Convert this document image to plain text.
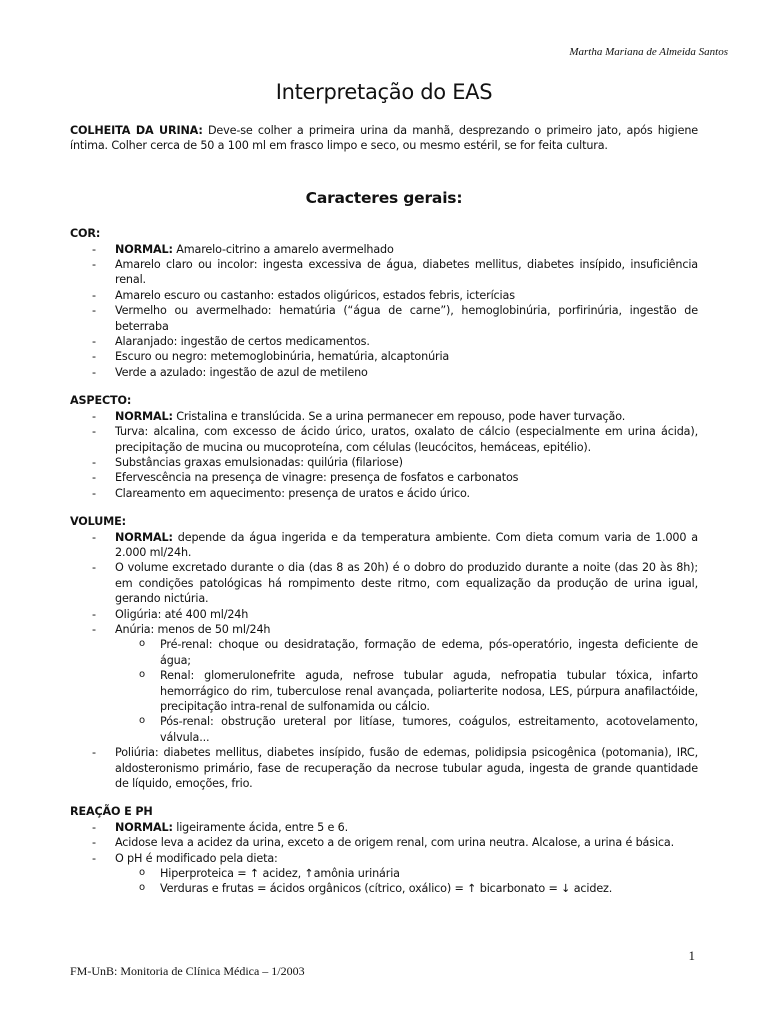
Martha Mariana de Almeida Santos
Interpretação do EAS

COLHEITA DA URINA: Deve-se colher a primeira urina da manhã, desprezando o primeiro jato, após higiene íntima. Colher cerca de 50 a 100 ml em frasco limpo e seco, ou mesmo estéril, se for feita cultura.

Caracteres gerais:
COR:
- NORMAL: Amarelo-citrino a amarelo avermelhado
- Amarelo claro ou incolor: ingesta excessiva de água, diabetes mellitus, diabetes insípido, insuficiência renal.
- Amarelo escuro ou castanho: estados oligúricos, estados febris, icterícias
- Vermelho ou avermelhado: hematúria (“água de carne”), hemoglobinúria, porfirinúria, ingestão de beterraba
- Alaranjado: ingestão de certos medicamentos.
- Escuro ou negro: metemoglobinúria, hematúria, alcaptonúria
- Verde a azulado: ingestão de azul de metileno
ASPECTO:
- NORMAL: Cristalina e translúcida. Se a urina permanecer em repouso, pode haver turvação.
- Turva: alcalina, com excesso de ácido úrico, uratos, oxalato de cálcio (especialmente em urina ácida), precipitação de mucina ou mucoproteína, com células (leucócitos, hemáceas, epitélio).
- Substâncias graxas emulsionadas: quilúria (filariose)
- Efervescência na presença de vinagre: presença de fosfatos e carbonatos
- Clareamento em aquecimento: presença de uratos e ácido úrico.
VOLUME:
- NORMAL: depende da água ingerida e da temperatura ambiente. Com dieta comum varia de 1.000 a 2.000 ml/24h.
- O volume excretado durante o dia (das 8 as 20h) é o dobro do produzido durante a noite (das 20 às 8h); em condições patológicas há rompimento deste ritmo, com equalização da produção de urina igual, gerando nictúria.
- Oligúria: até 400 ml/24h
- Anúria: menos de 50 ml/24h
o Pré-renal: choque ou desidratação, formação de edema, pós-operatório, ingesta deficiente de água;
o Renal: glomerulonefrite aguda, nefrose tubular aguda, nefropatia tubular tóxica, infarto hemorrágico do rim, tuberculose renal avançada, poliarterite nodosa, LES, púrpura anafilactóide, precipitação intra-renal de sulfonamida ou cálcio.
o Pós-renal: obstrução ureteral por litíase, tumores, coágulos, estreitamento, acotovelamento, válvula...
- Poliúria: diabetes mellitus, diabetes insípido, fusão de edemas, polidipsia psicogênica (potomania), IRC, aldosteronismo primário, fase de recuperação da necrose tubular aguda, ingesta de grande quantidade de líquido, emoções, frio.
REAÇÃO E PH
- NORMAL: ligeiramente ácida, entre 5 e 6.
- Acidose leva a acidez da urina, exceto a de origem renal, com urina neutra. Alcalose, a urina é básica.
- O pH é modificado pela dieta:
o Hiperproteica = ↑ acidez, ↑amônia urinária
o Verduras e frutas = ácidos orgânicos (cítrico, oxálico) = ↑ bicarbonato = ↓ acidez.
1
FM-UnB: Monitoria de Clínica Médica – 1/2003
